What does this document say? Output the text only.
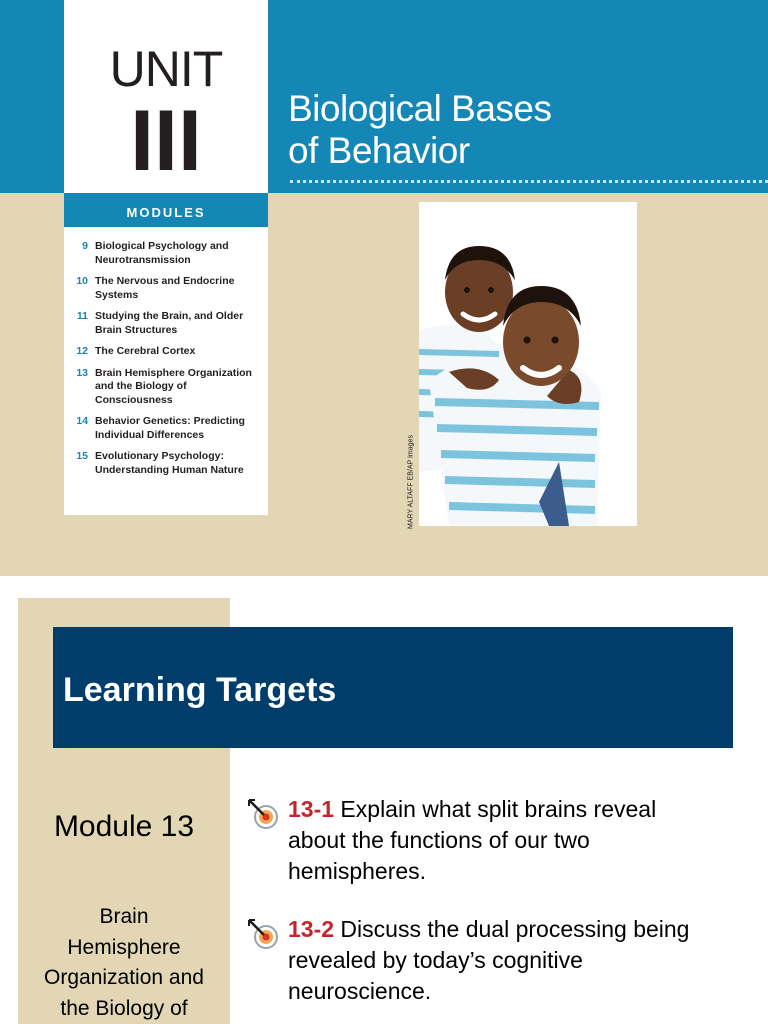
UNIT
III	Biological Bases
of Behavior
MODULES
9 Biological Psychology and Neurotransmission
10 The Nervous and Endocrine Systems
11 Studying the Brain, and Older Brain Structures
12 The Cerebral Cortex
13 Brain Hemisphere Organization and the Biology of Consciousness
14 Behavior Genetics: Predicting Individual Differences
15 Evolutionary Psychology: Understanding Human Nature	MARY ALTAFF EB/AP Images
Learning Targets
Module 13
Brain
Hemisphere
Organization and
the Biology of
13-1 Explain what split brains reveal about the functions of our two hemispheres.
13-2 Discuss the dual processing being revealed by today’s cognitive neuroscience.
